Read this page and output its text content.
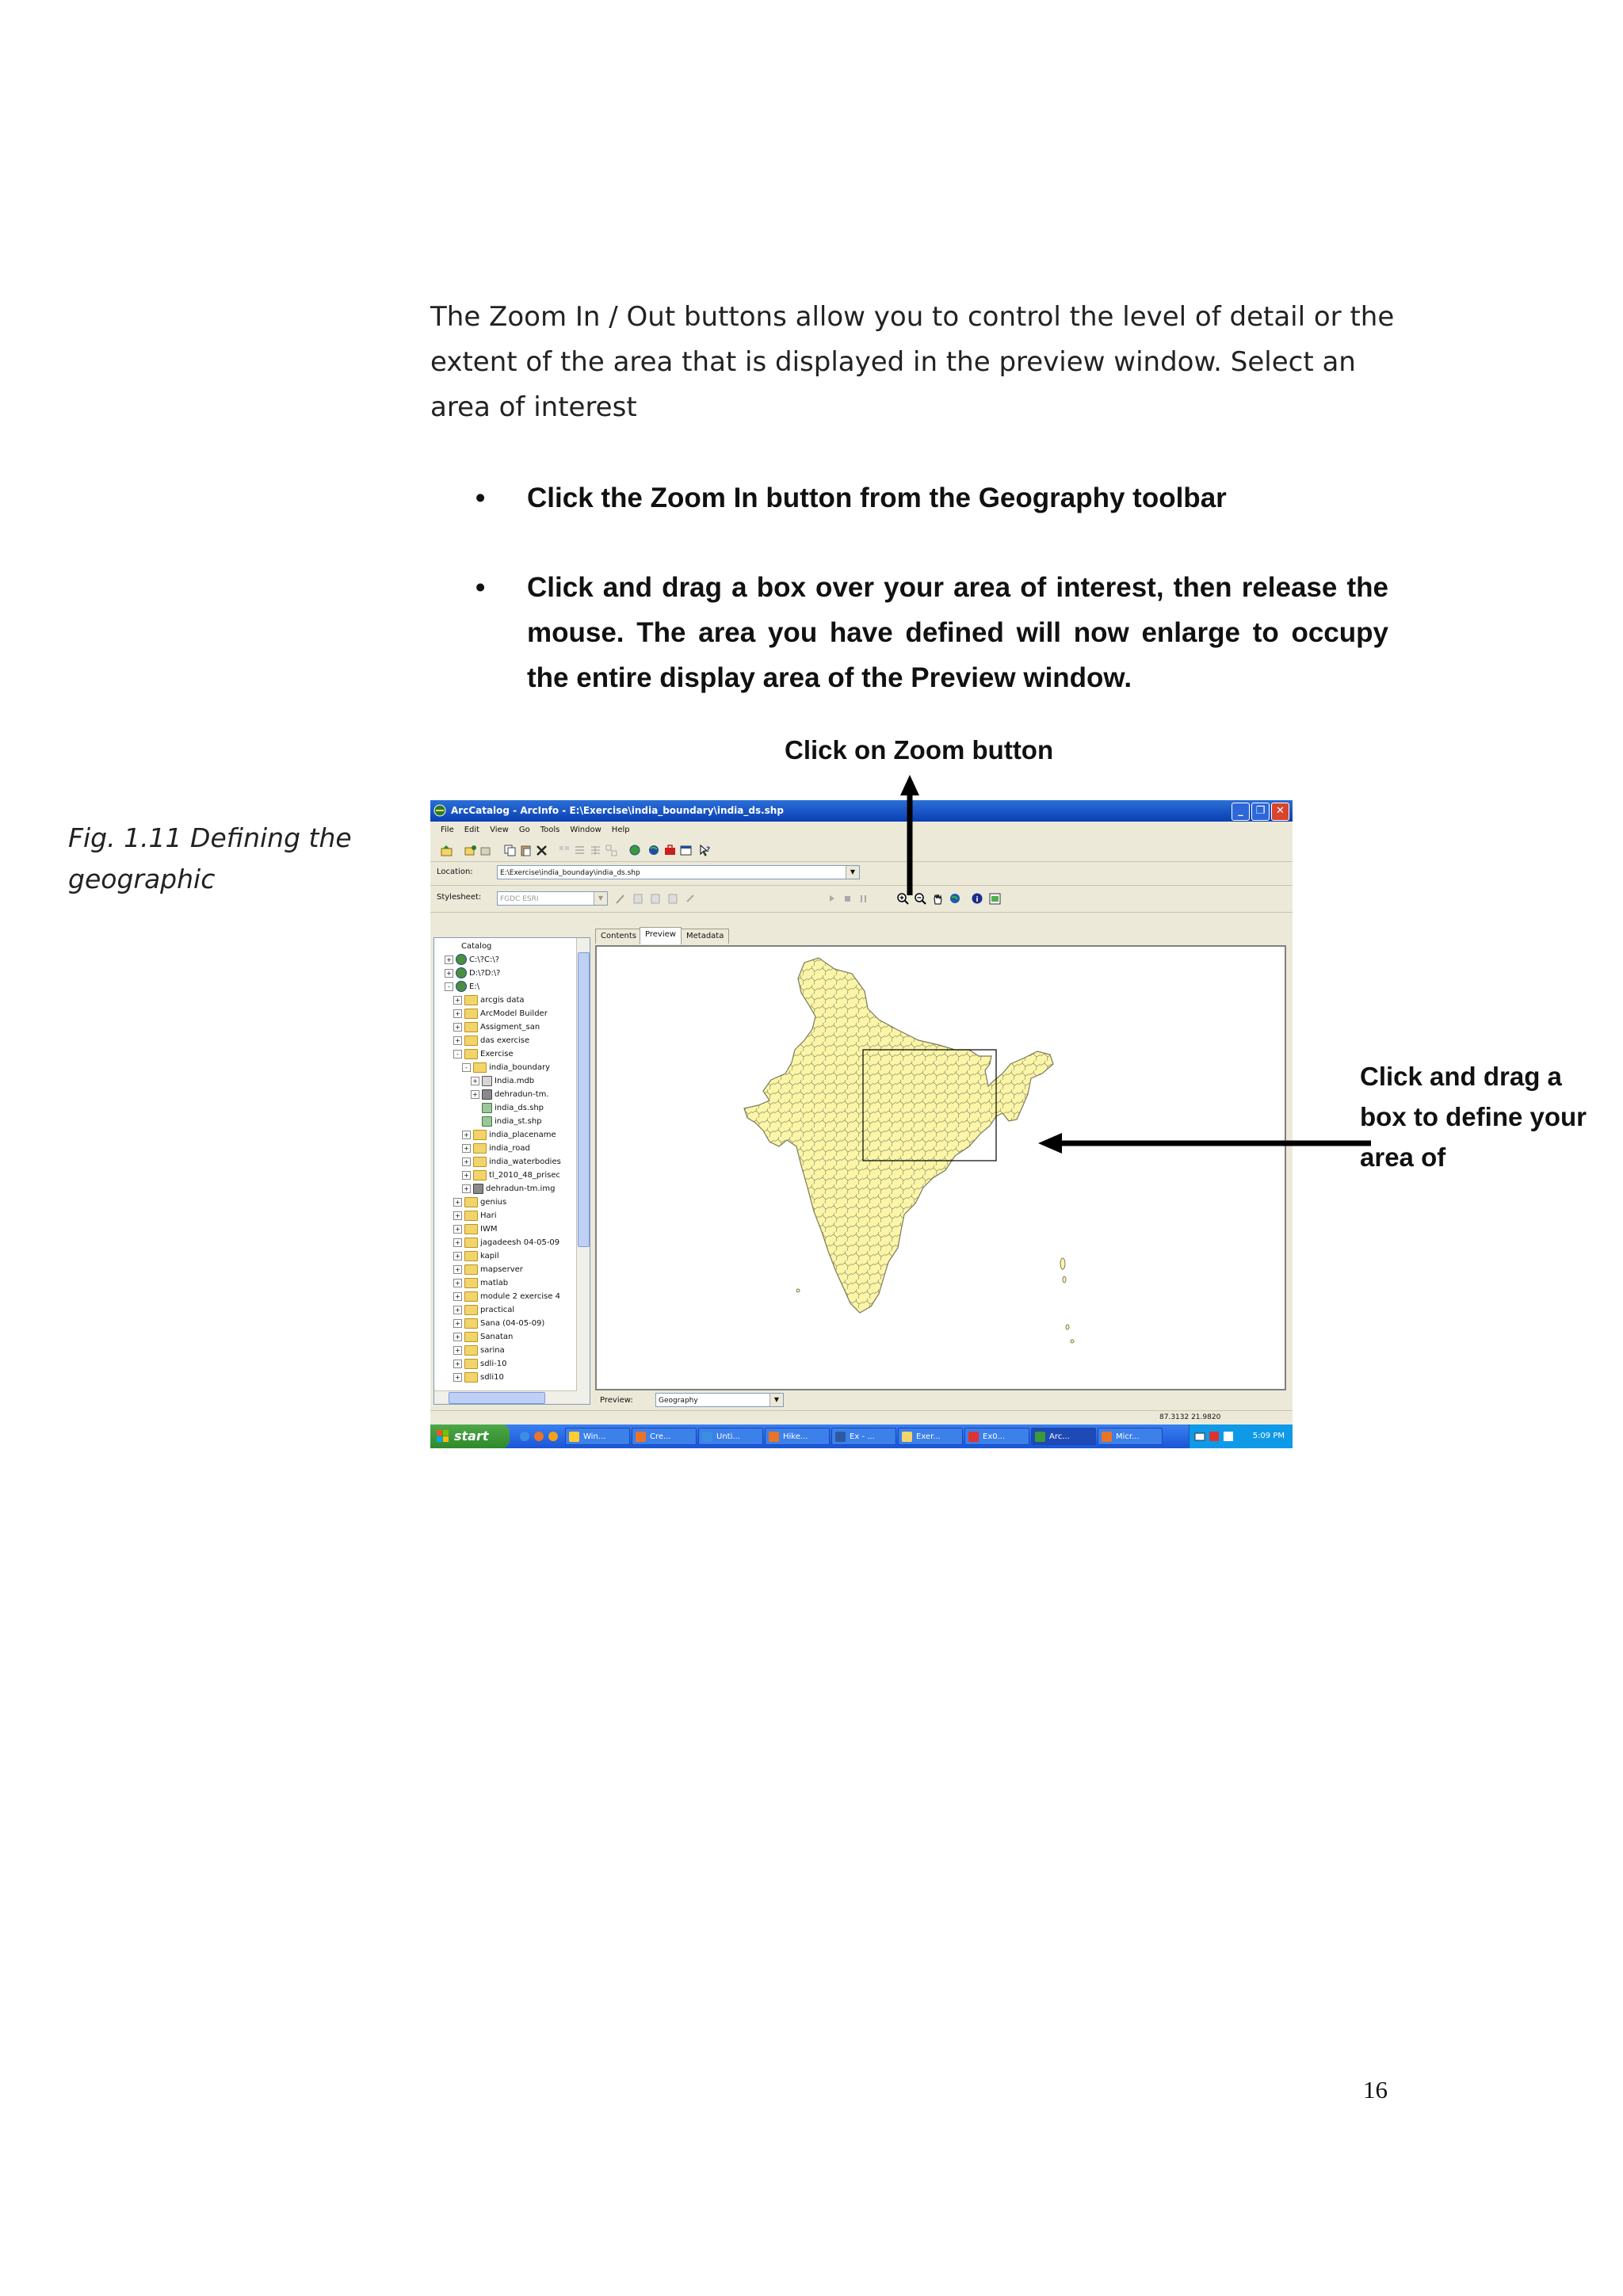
The Zoom In / Out buttons allow you to control the level of detail or the extent of the area that is displayed in the preview window. Select an area of interest
• Click the Zoom In button from the Geography toolbar
• Click and drag a box over your area of interest, then release the mouse. The area you have defined will now enlarge to occupy the entire display area of the Preview window.
Fig. 1.11 Defining the geographic
Click on Zoom button
Click and drag a box to define your area of
16
ArcCatalog - ArcInfo - E:\Exercise\india_boundary\india_ds.shp	_	❐	✕
File Edit View Go Tools Window Help
?
Location:	E:\Exercise\india_bounday\india_ds.shp	▼
Stylesheet:	FGDC ESRI	▼	i
Catalog
+ C:\?C:\?
+ D:\?D:\?
- E:\
+	arcgis data
+	ArcModel Builder
+	Assigment_san
+	das exercise
-	Exercise
-	india_boundary
+ India.mdb
+ dehradun-tm.
india_ds.shp
india_st.shp
+	india_placename
+	india_road
+	india_waterbodies
+	tl_2010_48_prisec
+ dehradun-tm.img
+	genius
+	Hari
+	IWM
+	jagadeesh 04-05-09
+	kapil
+	mapserver
+	matlab
+	module 2 exercise 4
+	practical
+	Sana (04-05-09)
+	Sanatan
+	sarina
+	sdli-10
+	sdli10
Contents	Preview	Metadata
Preview:	Geography	▼
87.3132 21.9820
start	Win...	Cre...	Unti...	Hike...	Ex - ...	Exer...	Ex0...	Arc...	Micr...	5:09 PM
